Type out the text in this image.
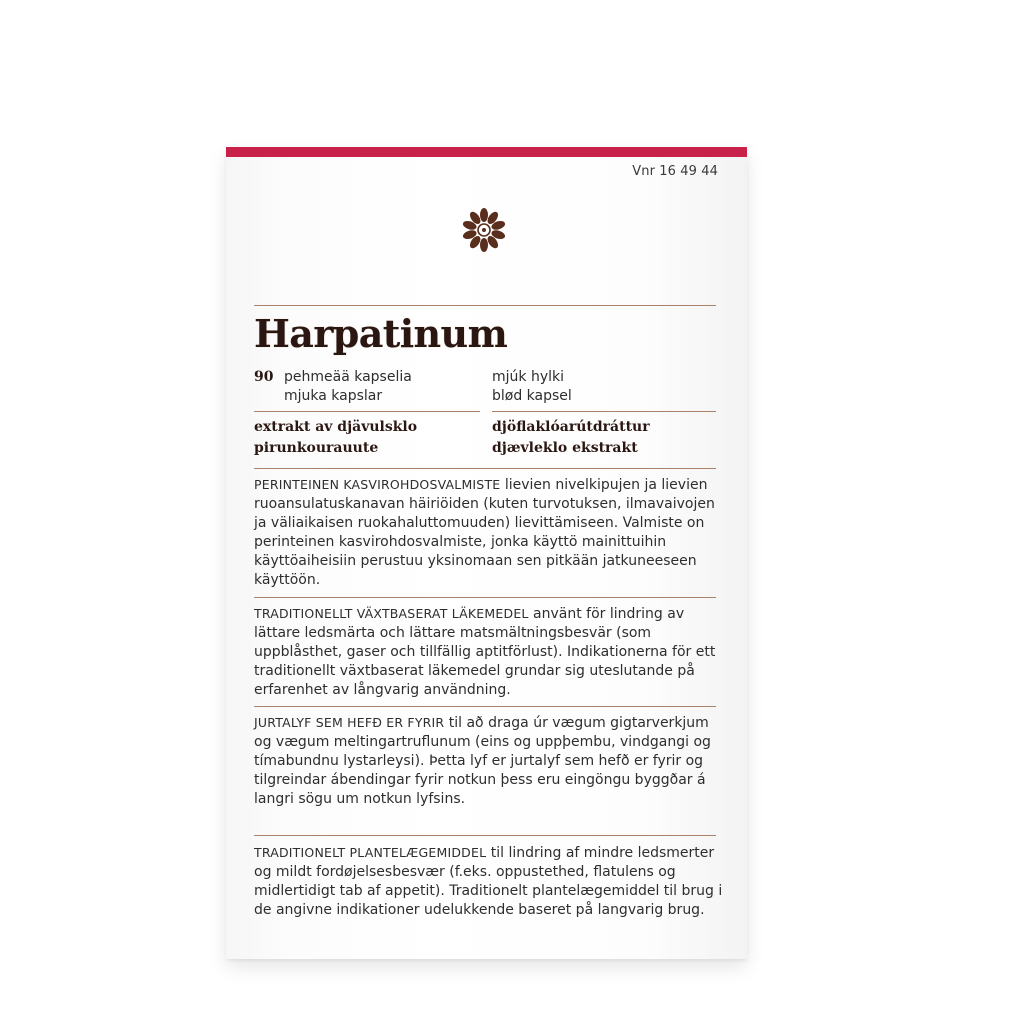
Vnr 16 49 44
Harpatinum
90 pehmeää kapselia
mjuka kapslar
mjúk hylki
blød kapsel
extrakt av djävulsklo
pirunkourauute
djöflaklóarútdráttur
djævleklo ekstrakt

PERINTEINEN KASVIROHDOSVALMISTE lievien nivelkipujen ja lievien ruoansulatuskanavan häiriöiden (kuten turvotuksen, ilmavaivojen ja väliaikaisen ruokahaluttomuuden) lievittämiseen. Valmiste on perinteinen kasvirohdosvalmiste, jonka käyttö mainittuihin käyttöaiheisiin perustuu yksinomaan sen pitkään jatkuneeseen käyttöön.

TRADITIONELLT VÄXTBASERAT LÄKEMEDEL använt för lindring av lättare ledsmärta och lättare matsmältningsbesvär (som uppblåsthet, gaser och tillfällig aptitförlust). Indikationerna för ett traditionellt växtbaserat läkemedel grundar sig uteslutande på erfarenhet av långvarig användning.

JURTALYF SEM HEFÐ ER FYRIR til að draga úr vægum gigtarverkjum og vægum meltingartruflunum (eins og uppþembu, vindgangi og tímabundnu lystarleysi). Þetta lyf er jurtalyf sem hefð er fyrir og tilgreindar ábendingar fyrir notkun þess eru eingöngu byggðar á langri sögu um notkun lyfsins.

TRADITIONELT PLANTELÆGEMIDDEL til lindring af mindre ledsmerter og mildt fordøjelsesbesvær (f.eks. oppustethed, flatulens og midlertidigt tab af appetit). Traditionelt plantelægemiddel til brug i de angivne indikationer udelukkende baseret på langvarig brug.
